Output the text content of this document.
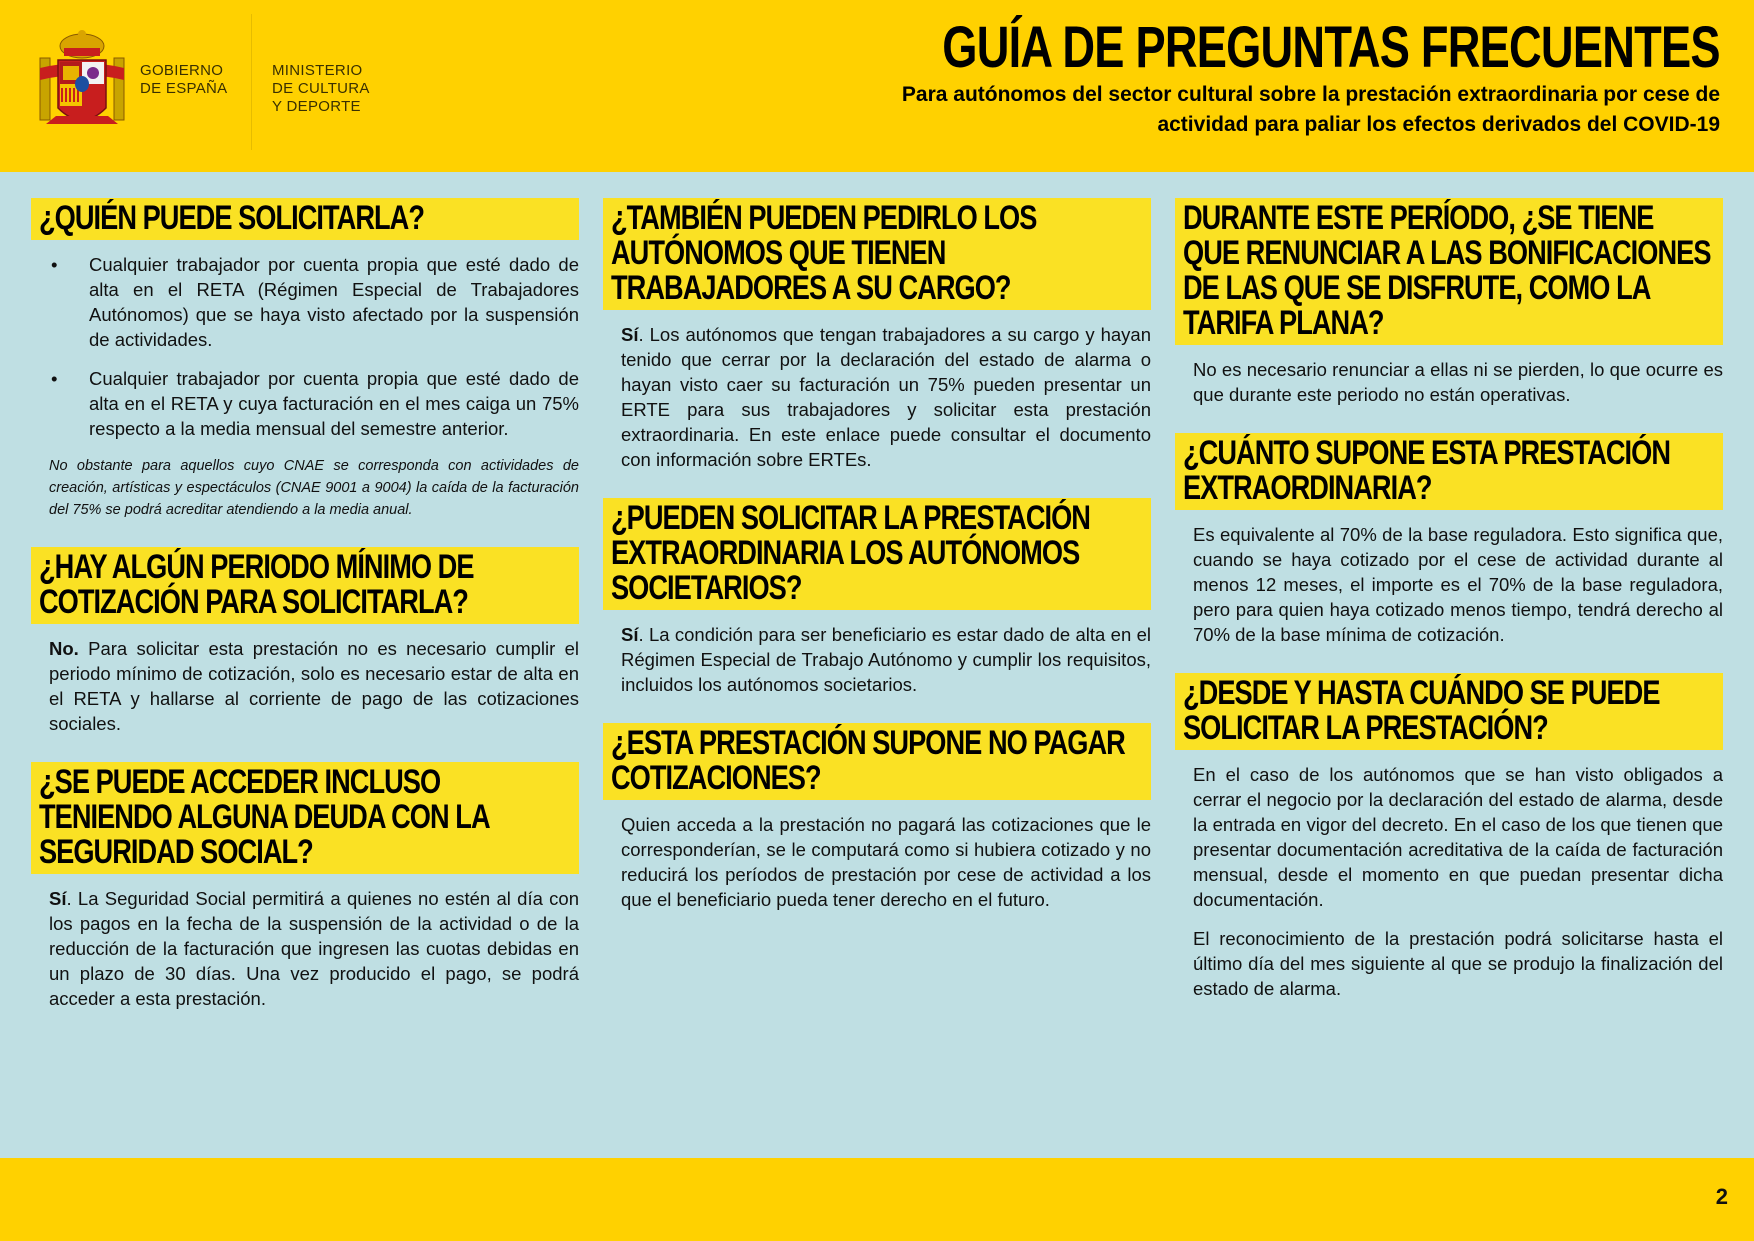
GOBIERNO
DE ESPAÑA
MINISTERIO
DE CULTURA
Y DEPORTE
GUÍA DE PREGUNTAS FRECUENTES
Para autónomos del sector cultural sobre la prestación extraordinaria por cese de
actividad para paliar los efectos derivados del COVID-19
¿QUIÉN PUEDE SOLICITARLA?
• Cualquier trabajador por cuenta propia que esté dado de alta en el RETA (Régimen Especial de Trabajadores Autónomos) que se haya visto afectado por la suspensión de actividades.
• Cualquier trabajador por cuenta propia que esté dado de alta en el RETA y cuya facturación en el mes caiga un 75% respecto a la media mensual del semestre anterior.

No obstante para aquellos cuyo CNAE se corresponda con actividades de creación, artísticas y espectáculos (CNAE 9001 a 9004) la caída de la facturación del 75% se podrá acreditar atendiendo a la media anual.

¿HAY ALGÚN PERIODO MÍNIMO DE COTIZACIÓN PARA SOLICITARLA?

No. Para solicitar esta prestación no es necesario cumplir el periodo mínimo de cotización, solo es necesario estar de alta en el RETA y hallarse al corriente de pago de las cotizaciones sociales.

¿SE PUEDE ACCEDER INCLUSO TENIENDO ALGUNA DEUDA CON LA SEGURIDAD SOCIAL?

Sí. La Seguridad Social permitirá a quienes no estén al día con los pagos en la fecha de la suspensión de la actividad o de la reducción de la facturación que ingresen las cuotas debidas en un plazo de 30 días. Una vez producido el pago, se podrá acceder a esta prestación.

¿TAMBIÉN PUEDEN PEDIRLO LOS AUTÓNOMOS QUE TIENEN TRABAJADORES A SU CARGO?

Sí. Los autónomos que tengan trabajadores a su cargo y hayan tenido que cerrar por la declaración del estado de alarma o hayan visto caer su facturación un 75% pueden presentar un ERTE para sus trabajadores y solicitar esta prestación extraordinaria. En este enlace puede consultar el documento con información sobre ERTEs.

¿PUEDEN SOLICITAR LA PRESTACIÓN EXTRAORDINARIA LOS AUTÓNOMOS SOCIETARIOS?

Sí. La condición para ser beneficiario es estar dado de alta en el Régimen Especial de Trabajo Autónomo y cumplir los requisitos, incluidos los autónomos societarios.

¿ESTA PRESTACIÓN SUPONE NO PAGAR COTIZACIONES?

Quien acceda a la prestación no pagará las cotizaciones que le corresponderían, se le computará como si hubiera cotizado y no reducirá los períodos de prestación por cese de actividad a los que el beneficiario pueda tener derecho en el futuro.

DURANTE ESTE PERÍODO, ¿SE TIENE QUE RENUNCIAR A LAS BONIFICACIONES DE LAS QUE SE DISFRUTE, COMO LA TARIFA PLANA?

No es necesario renunciar a ellas ni se pierden, lo que ocurre es que durante este periodo no están operativas.

¿CUÁNTO SUPONE ESTA PRESTACIÓN EXTRAORDINARIA?

Es equivalente al 70% de la base reguladora. Esto significa que, cuando se haya cotizado por el cese de actividad durante al menos 12 meses, el importe es el 70% de la base reguladora, pero para quien haya cotizado menos tiempo, tendrá derecho al 70% de la base mínima de cotización.

¿DESDE Y HASTA CUÁNDO SE PUEDE SOLICITAR LA PRESTACIÓN?

En el caso de los autónomos que se han visto obligados a cerrar el negocio por la declaración del estado de alarma, desde la entrada en vigor del decreto. En el caso de los que tienen que presentar documentación acreditativa de la caída de facturación mensual, desde el momento en que puedan presentar dicha documentación.

El reconocimiento de la prestación podrá solicitarse hasta el último día del mes siguiente al que se produjo la finalización del estado de alarma.

2
